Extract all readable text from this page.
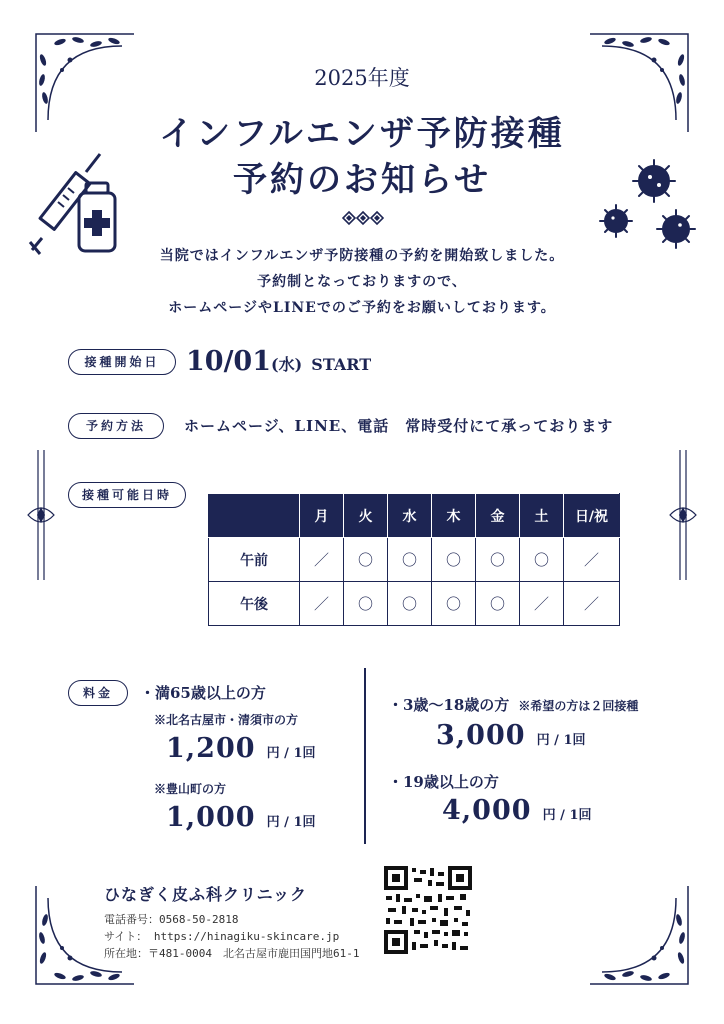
2025年度
インフルエンザ予防接種
予約のお知らせ
当院ではインフルエンザ予防接種の予約を開始致しました。
予約制となっておりますので、
ホームページやLINEでのご予約をお願いしております。
接種開始日 10/01(水) START
予約方法	ホームページ、LINE、電話　常時受付にて承っております
接種可能日時
	月	火	水	木	金	土	日/祝
午前	／	〇	〇	〇	〇	〇	／
午後	／	〇	〇	〇	〇	／	／
料金	・満65歳以上の方
※北名古屋市・清須市の方
1,200 円 / 1回
※豊山町の方
1,000 円 / 1回
・3歳〜18歳の方 ※希望の方は２回接種
3,000 円 / 1回
・19歳以上の方
4,000 円 / 1回
ひなぎく皮ふ科クリニック
電話番号：0568-50-2818
サイト： https://hinagiku-skincare.jp
所在地：〒481-0004　北名古屋市鹿田国門地61-1
